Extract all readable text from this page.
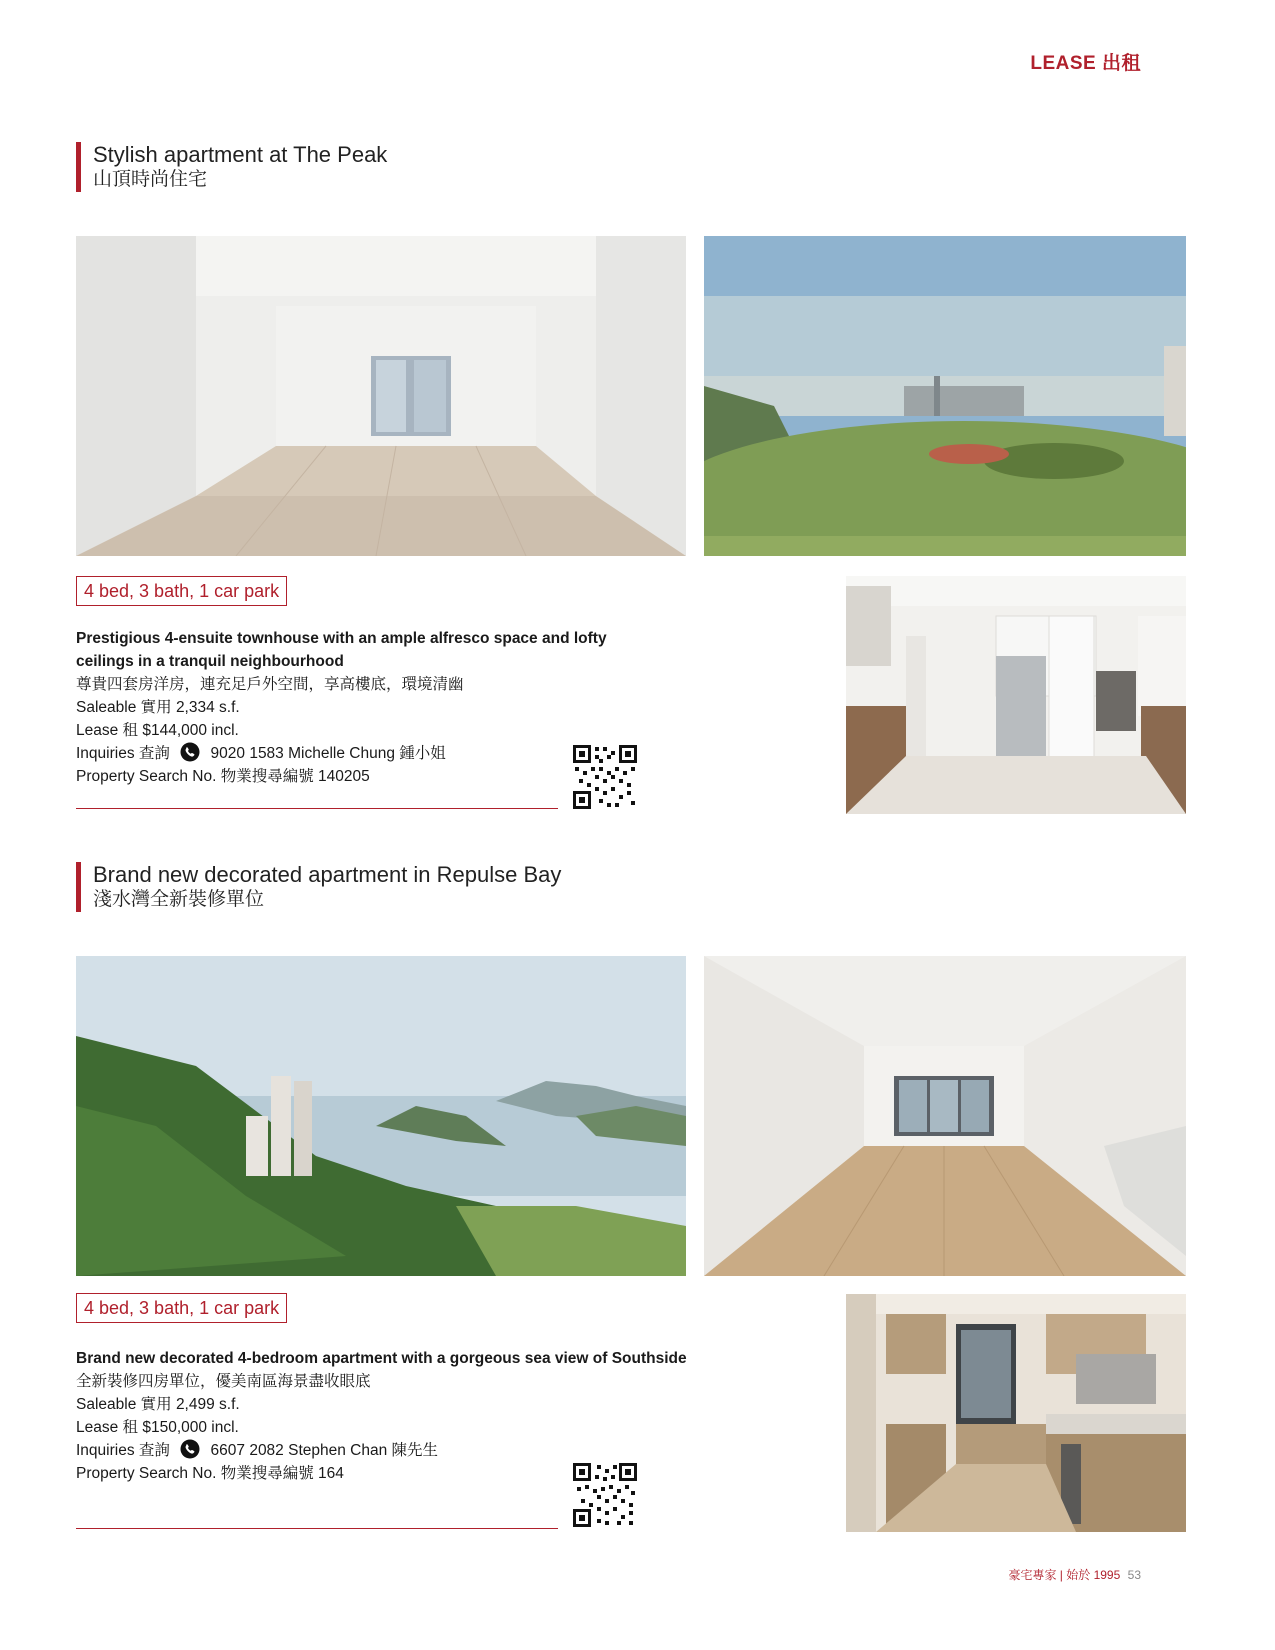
LEASE 出租
Stylish apartment at The Peak
山頂時尚住宅
4 bed, 3 bath, 1 car park
Prestigious 4-ensuite townhouse with an ample alfresco space and lofty
ceilings in a tranquil neighbourhood
尊貴四套房洋房，連充足戶外空間，享高樓底，環境清幽
Saleable 實用 2,334 s.f.
Lease 租 $144,000 incl.
Inquiries 查詢	9020 1583 Michelle Chung 鍾小姐
Property Search No. 物業搜尋編號 140205
Brand new decorated apartment in Repulse Bay
淺水灣全新裝修單位
4 bed, 3 bath, 1 car park
Brand new decorated 4-bedroom apartment with a gorgeous sea view of Southside
全新裝修四房單位，優美南區海景盡收眼底
Saleable 實用 2,499 s.f.
Lease 租 $150,000 incl.
Inquiries 查詢	6607 2082 Stephen Chan 陳先生
Property Search No. 物業搜尋編號 164
豪宅專家 | 始於 1995 53
